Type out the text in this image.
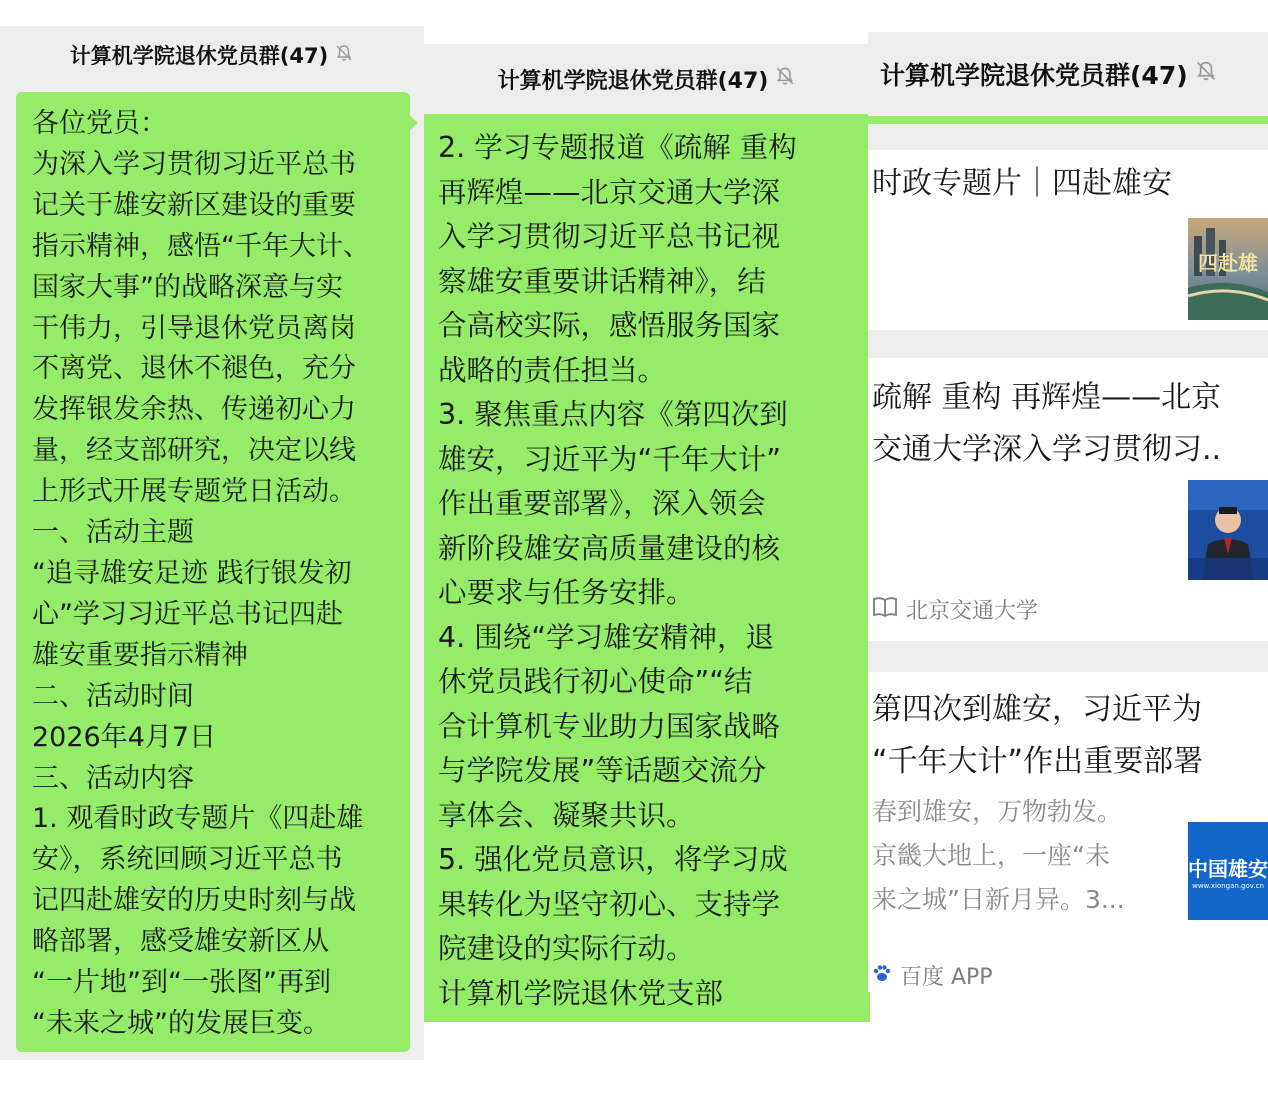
计算机学院退休党员群(47)
各位党员：
为深入学习贯彻习近平总书
记关于雄安新区建设的重要
指示精神，感悟“千年大计、
国家大事”的战略深意与实
干伟力，引导退休党员离岗
不离党、退休不褪色，充分
发挥银发余热、传递初心力
量，经支部研究，决定以线
上形式开展专题党日活动。
一、活动主题
“追寻雄安足迹 践行银发初
心”学习习近平总书记四赴
雄安重要指示精神
二、活动时间
2026年4月7日
三、活动内容
1. 观看时政专题片《四赴雄
安》，系统回顾习近平总书
记四赴雄安的历史时刻与战
略部署，感受雄安新区从
“一片地”到“一张图”再到
“未来之城”的发展巨变。
计算机学院退休党员群(47)
2. 学习专题报道《疏解 重构
再辉煌——北京交通大学深
入学习贯彻习近平总书记视
察雄安重要讲话精神》，结
合高校实际，感悟服务国家
战略的责任担当。
3. 聚焦重点内容《第四次到
雄安，习近平为“千年大计”
作出重要部署》，深入领会
新阶段雄安高质量建设的核
心要求与任务安排。
4. 围绕“学习雄安精神，退
休党员践行初心使命”“结
合计算机专业助力国家战略
与学院发展”等话题交流分
享体会、凝聚共识。
5. 强化党员意识，将学习成
果转化为坚守初心、支持学
院建设的实际行动。
计算机学院退休党支部
计算机学院退休党员群(47)
时政专题片｜四赴雄安
四赴雄
疏解 重构 再辉煌——北京
交通大学深入学习贯彻习..
北京交通大学
第四次到雄安，习近平为
“千年大计”作出重要部署
春到雄安，万物勃发。
京畿大地上，一座“未
来之城”日新月异。3...
中国雄安
www.xiongan.gov.cn
百度 APP
